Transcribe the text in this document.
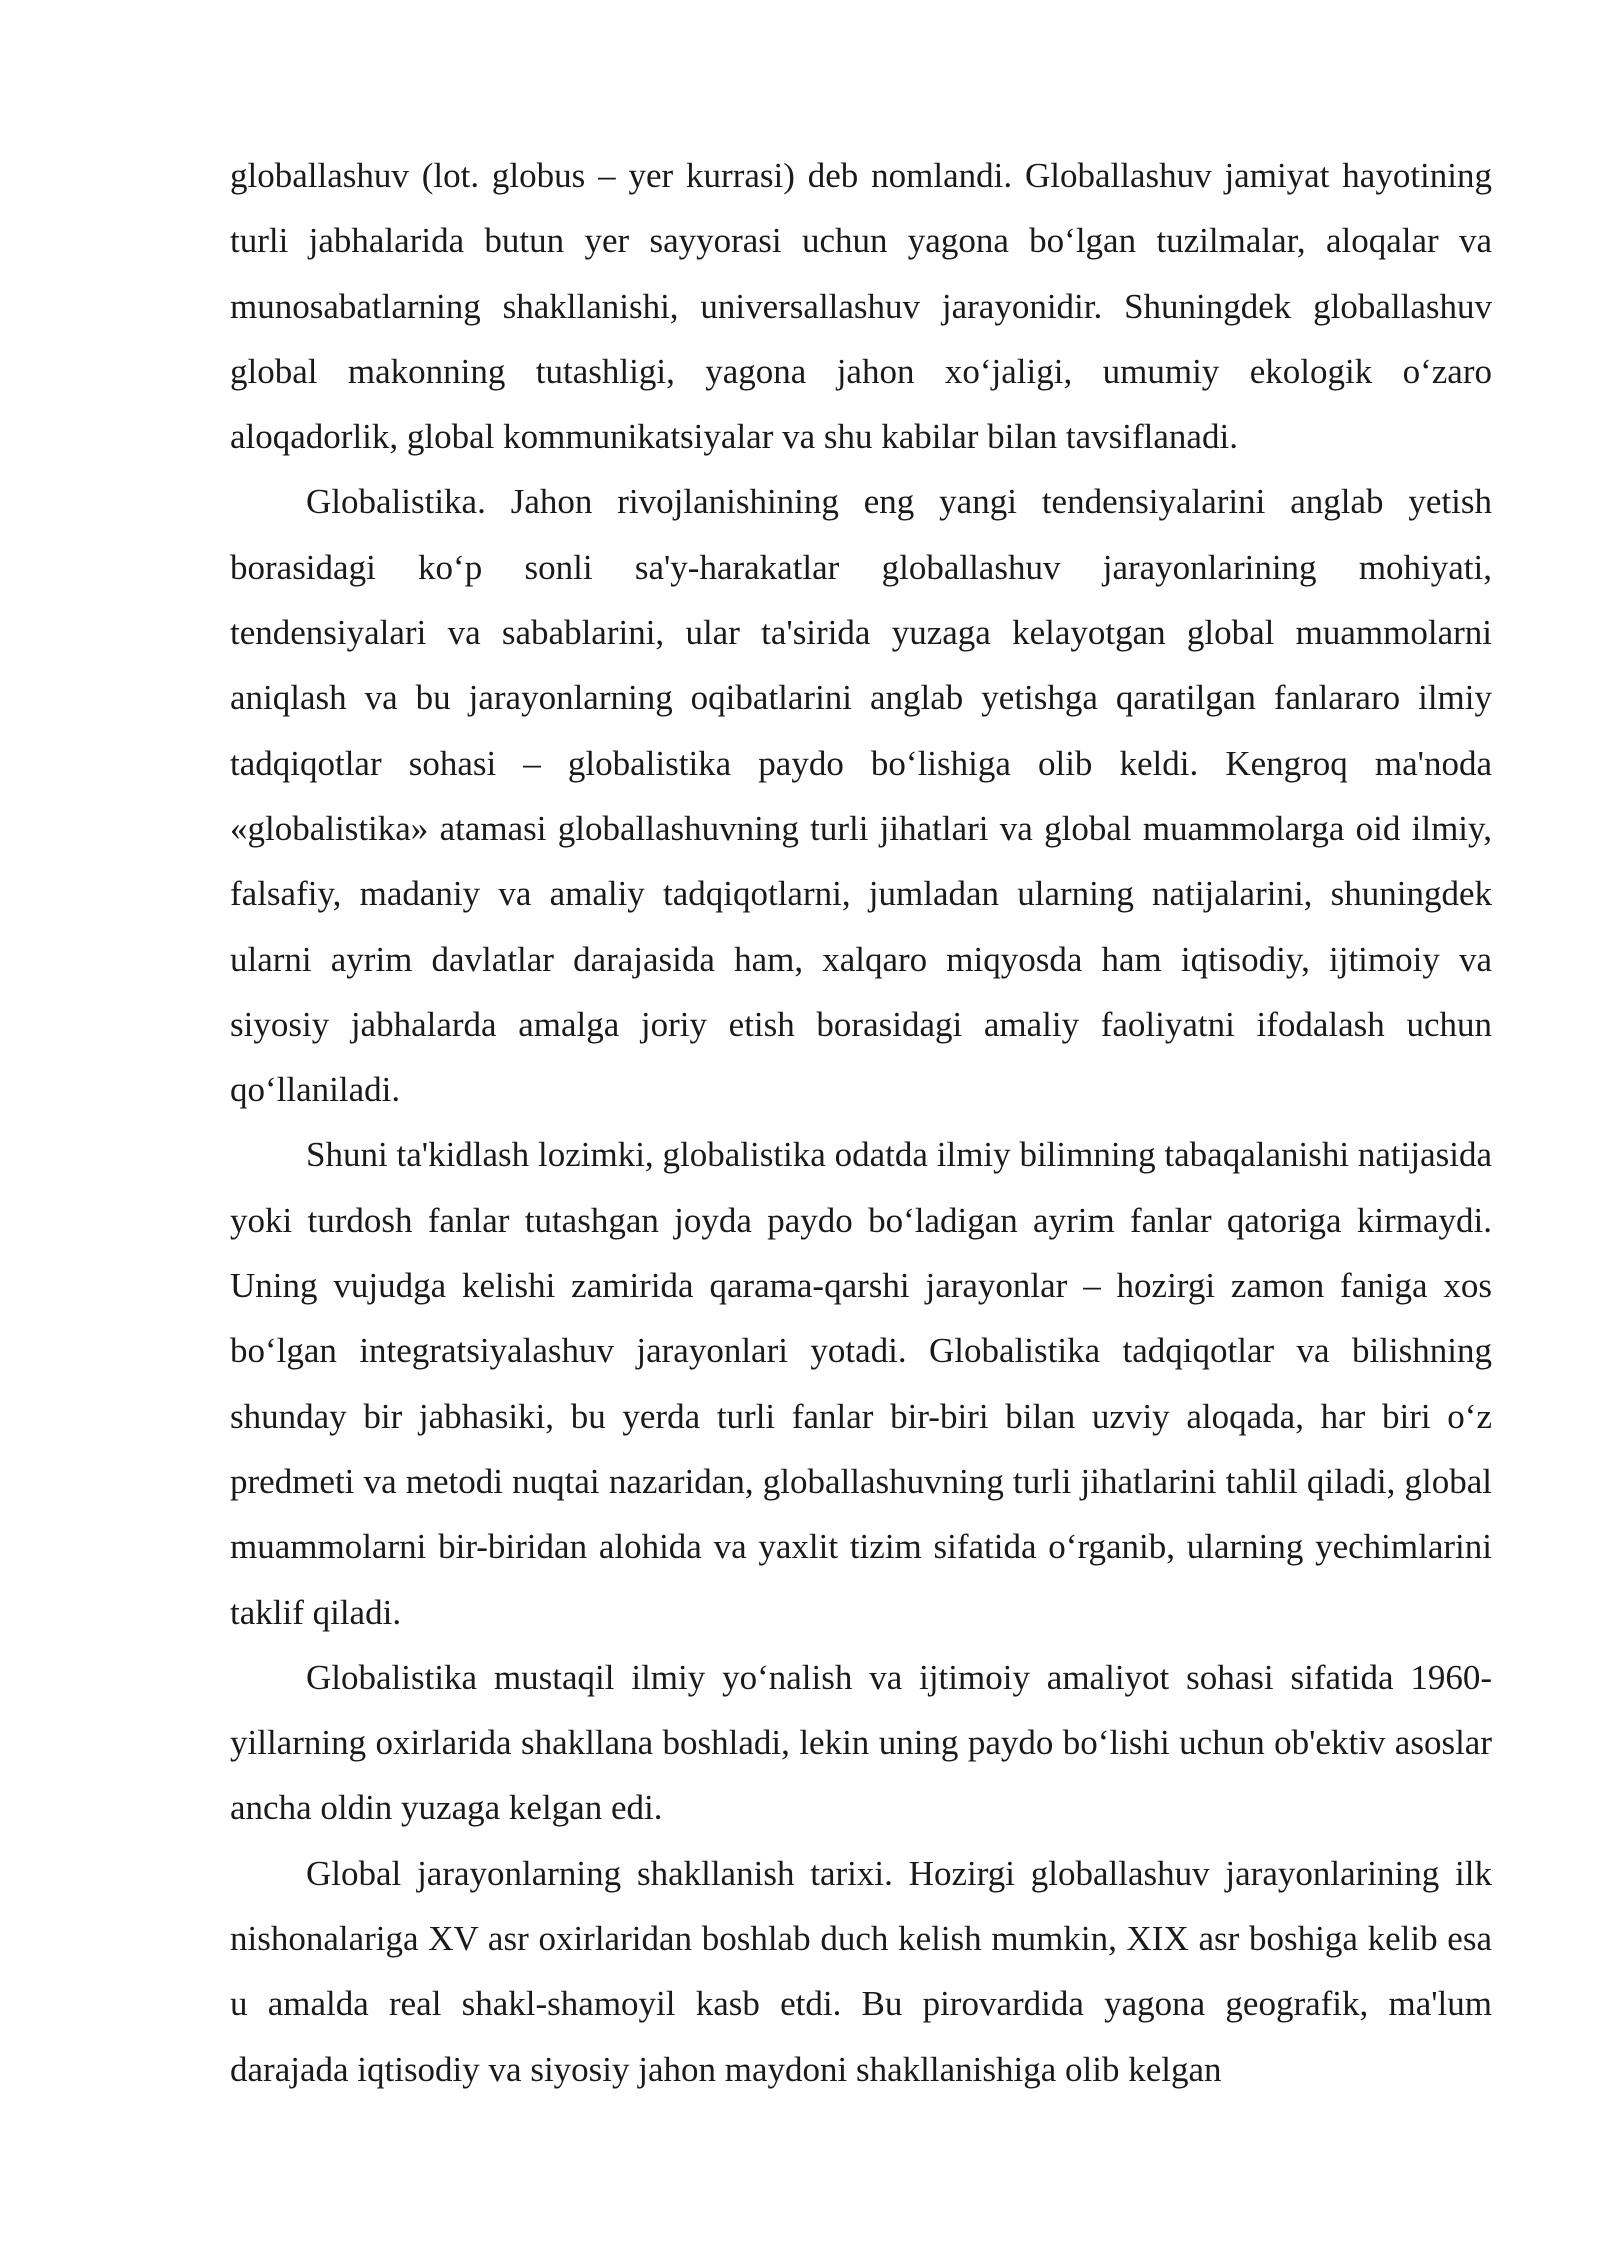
globallashuv (lot. globus – yer kurrasi) deb nomlandi. Globallashuv jamiyat hayotining turli jabhalarida butun yer sayyorasi uchun yagona bo‘lgan tuzilmalar, aloqalar va munosabatlarning shakllanishi, universallashuv jarayonidir. Shuningdek globallashuv global makonning tutashligi, yagona jahon xo‘jaligi, umumiy ekologik o‘zaro aloqadorlik, global kommunikatsiyalar va shu kabilar bilan tavsiflanadi.

Globalistika. Jahon rivojlanishining eng yangi tendensiyalarini anglab yetish borasidagi ko‘p sonli sa'y-harakatlar globallashuv jarayonlarining mohiyati, tendensiyalari va sabablarini, ular ta'sirida yuzaga kelayotgan global muammolarni aniqlash va bu jarayonlarning oqibatlarini anglab yetishga qaratilgan fanlararo ilmiy tadqiqotlar sohasi – globalistika paydo bo‘lishiga olib keldi. Kengroq ma'noda «globalistika» atamasi globallashuvning turli jihatlari va global muammolarga oid ilmiy, falsafiy, madaniy va amaliy tadqiqotlarni, jumladan ularning natijalarini, shuningdek ularni ayrim davlatlar darajasida ham, xalqaro miqyosda ham iqtisodiy, ijtimoiy va siyosiy jabhalarda amalga joriy etish borasidagi amaliy faoliyatni ifodalash uchun qo‘llaniladi.

Shuni ta'kidlash lozimki, globalistika odatda ilmiy bilimning tabaqalanishi natijasida yoki turdosh fanlar tutashgan joyda paydo bo‘ladigan ayrim fanlar qatoriga kirmaydi. Uning vujudga kelishi zamirida qarama-qarshi jarayonlar – hozirgi zamon faniga xos bo‘lgan integratsiyalashuv jarayonlari yotadi. Globalistika tadqiqotlar va bilishning shunday bir jabhasiki, bu yerda turli fanlar bir-biri bilan uzviy aloqada, har biri o‘z predmeti va metodi nuqtai nazaridan, globallashuvning turli jihatlarini tahlil qiladi, global muammolarni bir-biridan alohida va yaxlit tizim sifatida o‘rganib, ularning yechimlarini taklif qiladi.

Globalistika mustaqil ilmiy yo‘nalish va ijtimoiy amaliyot sohasi sifatida 1960-yillarning oxirlarida shakllana boshladi, lekin uning paydo bo‘lishi uchun ob'ektiv asoslar ancha oldin yuzaga kelgan edi.

Global jarayonlarning shakllanish tarixi. Hozirgi globallashuv jarayonlarining ilk nishonalariga XV asr oxirlaridan boshlab duch kelish mumkin, XIX asr boshiga kelib esa u amalda real shakl-shamoyil kasb etdi. Bu pirovardida yagona geografik, ma'lum darajada iqtisodiy va siyosiy jahon maydoni shakllanishiga olib kelgan
